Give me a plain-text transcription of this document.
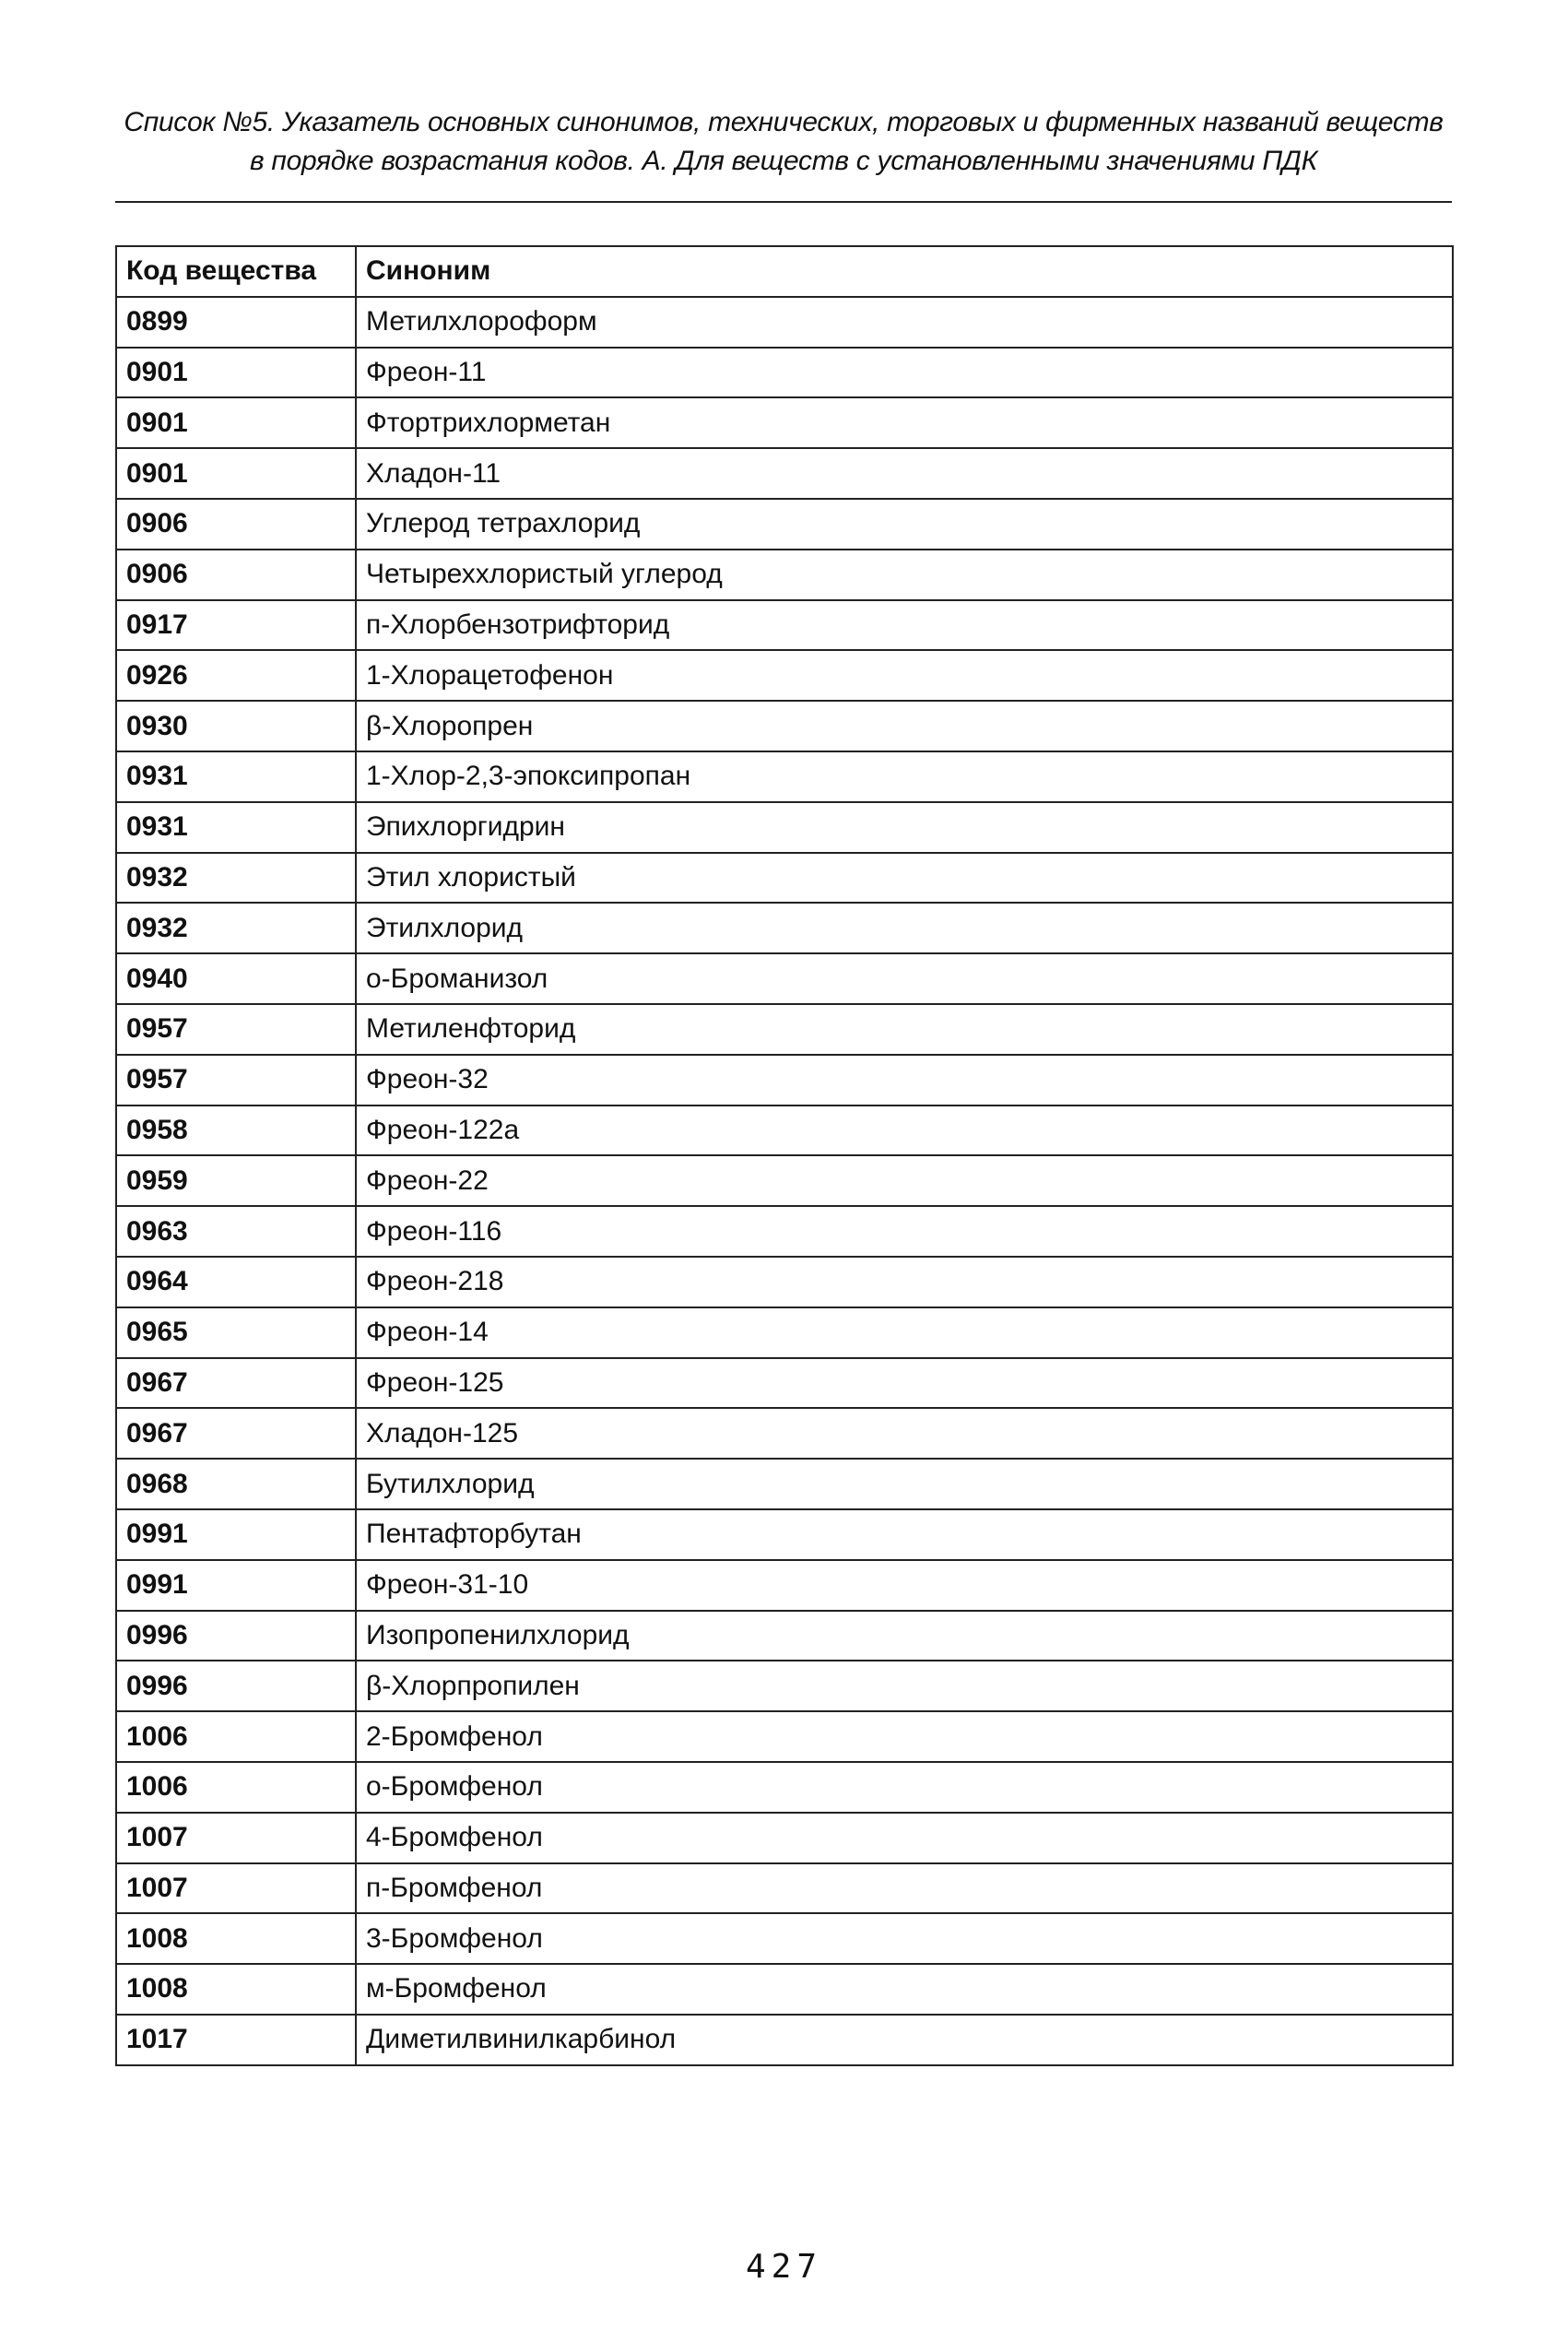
Список №5. Указатель основных синонимов, технических, торговых и фирменных названий веществ
в порядке возрастания кодов. А. Для веществ с установленными значениями ПДК
Код вещества	Синоним
0899	Метилхлороформ
0901	Фреон-11
0901	Фтортрихлорметан
0901	Хладон-11
0906	Углерод тетрахлорид
0906	Четыреххлористый углерод
0917	п-Хлорбензотрифторид
0926	1-Хлорацетофенон
0930	β-Хлоропрен
0931	1-Хлор-2,3-эпоксипропан
0931	Эпихлоргидрин
0932	Этил хлористый
0932	Этилхлорид
0940	о-Броманизол
0957	Метиленфторид
0957	Фреон-32
0958	Фреон-122а
0959	Фреон-22
0963	Фреон-116
0964	Фреон-218
0965	Фреон-14
0967	Фреон-125
0967	Хладон-125
0968	Бутилхлорид
0991	Пентафторбутан
0991	Фреон-31-10
0996	Изопропенилхлорид
0996	β-Хлорпропилен
1006	2-Бромфенол
1006	о-Бромфенол
1007	4-Бромфенол
1007	п-Бромфенол
1008	3-Бромфенол
1008	м-Бромфенол
1017	Диметилвинилкарбинол
427
